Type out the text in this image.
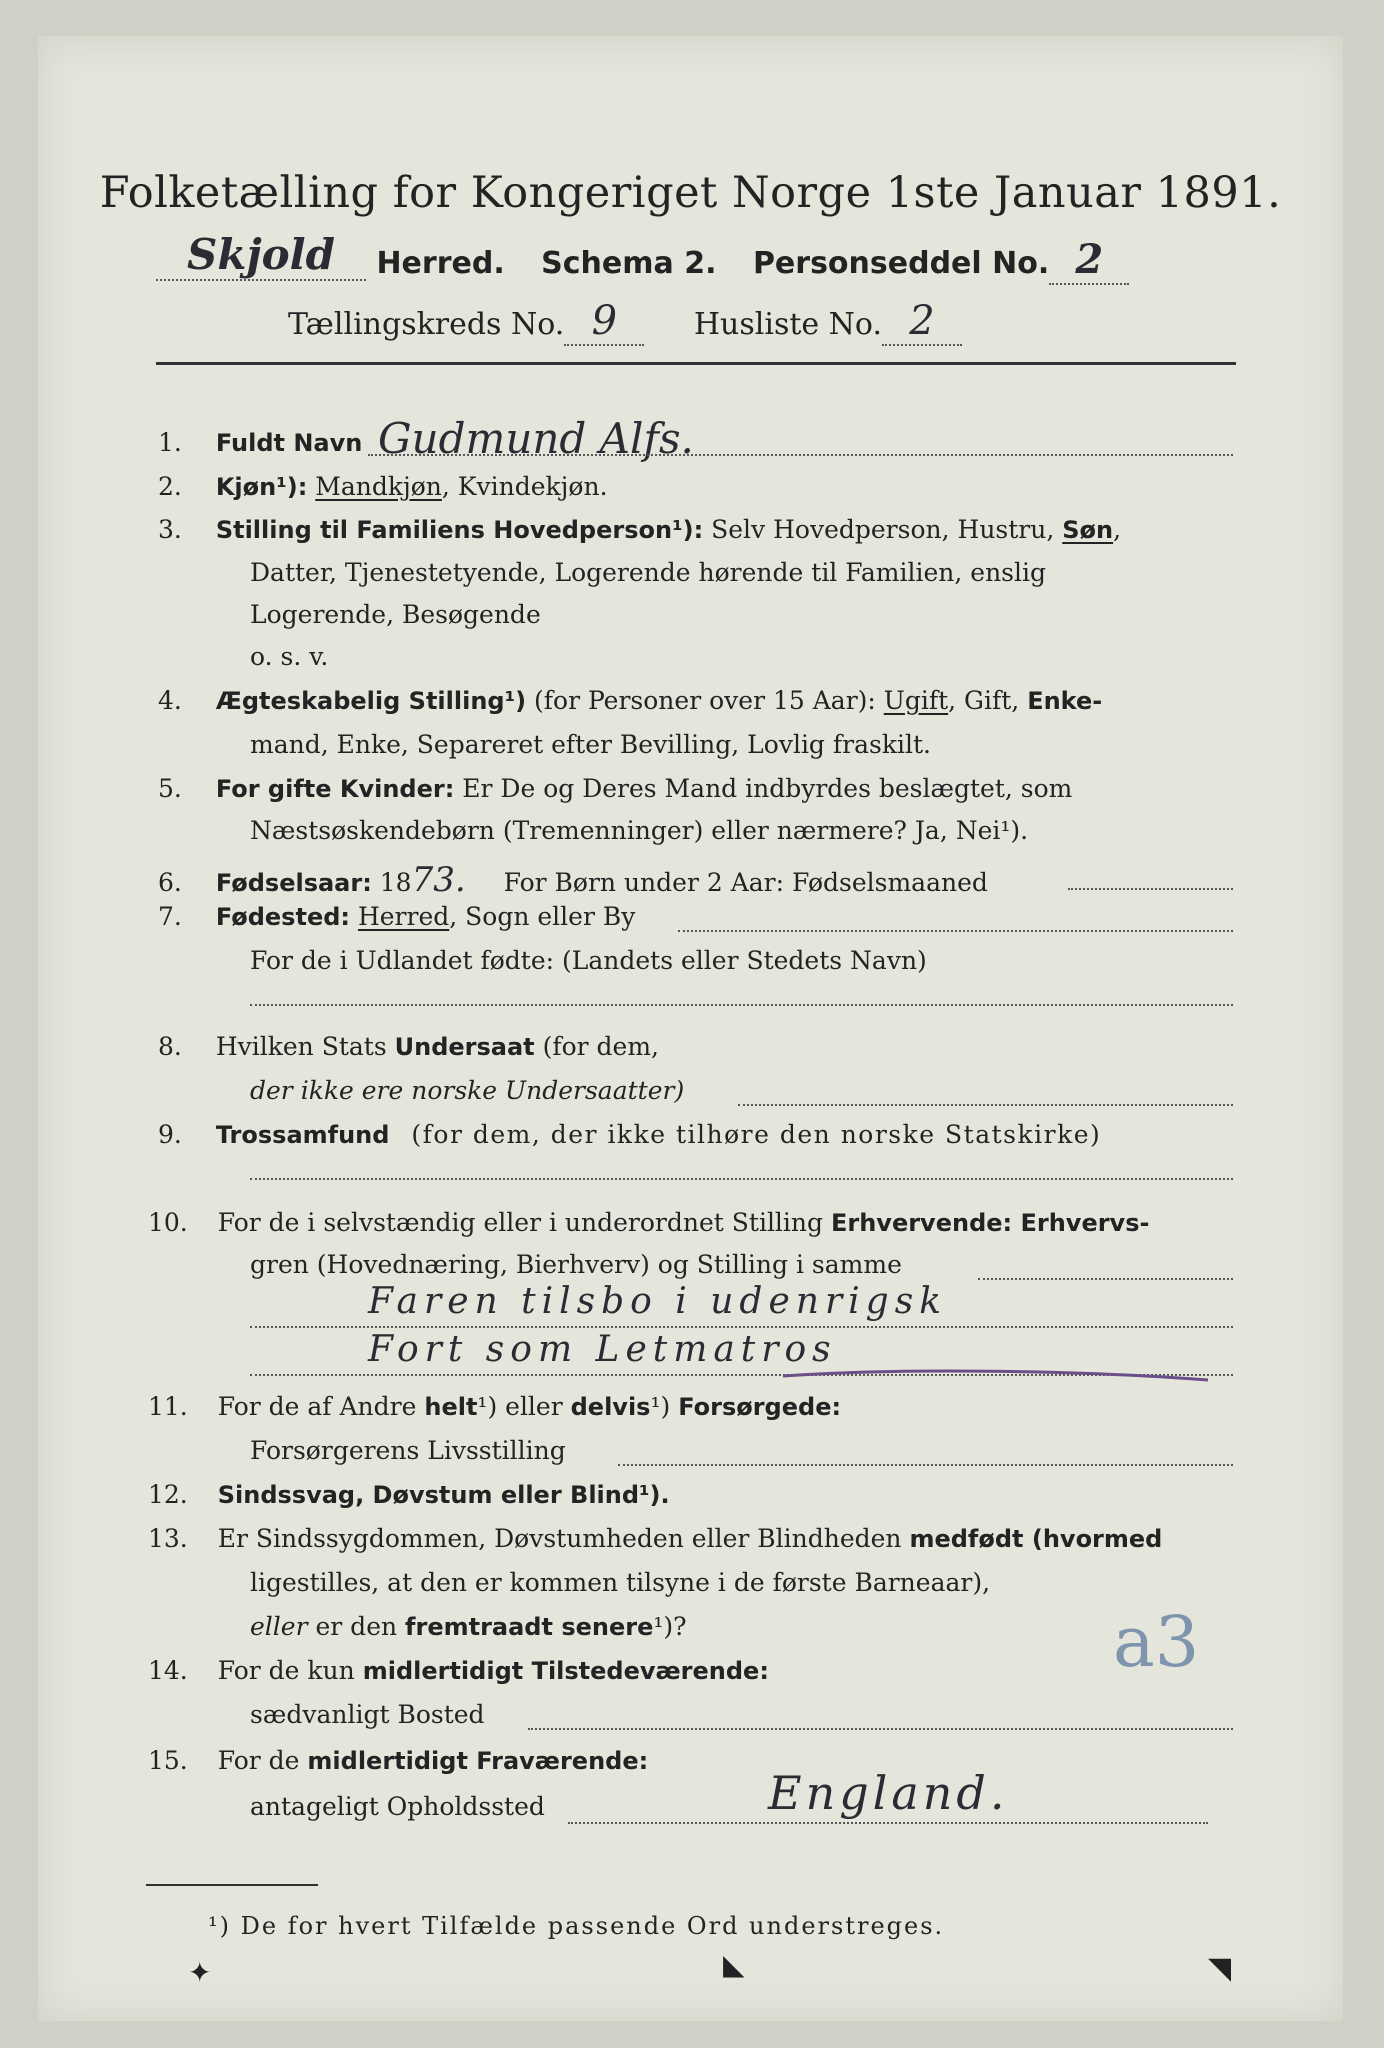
Folketælling for Kongeriget Norge 1ste Januar 1891.
Skjold Herred. Schema 2. Personseddel No. 2
Tællingskreds No. 9	Husliste No. 2
1. Fuldt Navn Gudmund Alfs.
2. Kjøn¹): Mandkjøn, Kvindekjøn.
3. Stilling til Familiens Hovedperson¹): Selv Hovedperson, Hustru, Søn,
Datter, Tjenestetyende, Logerende hørende til Familien, enslig
Logerende, Besøgende
o. s. v.
4. Ægteskabelig Stilling¹) (for Personer over 15 Aar): Ugift, Gift, Enke-
mand, Enke, Separeret efter Bevilling, Lovlig fraskilt.
5. For gifte Kvinder: Er De og Deres Mand indbyrdes beslægtet, som
Næstsøskendebørn (Tremenninger) eller nærmere? Ja, Nei¹).
6. Fødselsaar: 1873. For Børn under 2 Aar: Fødselsmaaned
7. Fødested: Herred, Sogn eller By
For de i Udlandet fødte: (Landets eller Stedets Navn)
8. Hvilken Stats Undersaat (for dem,
der ikke ere norske Undersaatter)
9. Trossamfund (for dem, der ikke tilhøre den norske Statskirke)
10. For de i selvstændig eller i underordnet Stilling Erhvervende: Erhvervs-
gren (Hovednæring, Bierhverv) og Stilling i samme
Faren tilsbo i udenrigsk
Fort som Letmatros
11. For de af Andre helt¹) eller delvis¹) Forsørgede:
Forsørgerens Livsstilling
12. Sindssvag, Døvstum eller Blind¹).
13. Er Sindssygdommen, Døvstumheden eller Blindheden medfødt (hvormed
ligestilles, at den er kommen tilsyne i de første Barneaar),
eller er den fremtraadt senere¹)?	a3
14. For de kun midlertidigt Tilstedeværende:
sædvanligt Bosted
15. For de midlertidigt Fraværende:
antageligt Opholdssted	England.
¹) De for hvert Tilfælde passende Ord understreges.
✦	◣	◥
